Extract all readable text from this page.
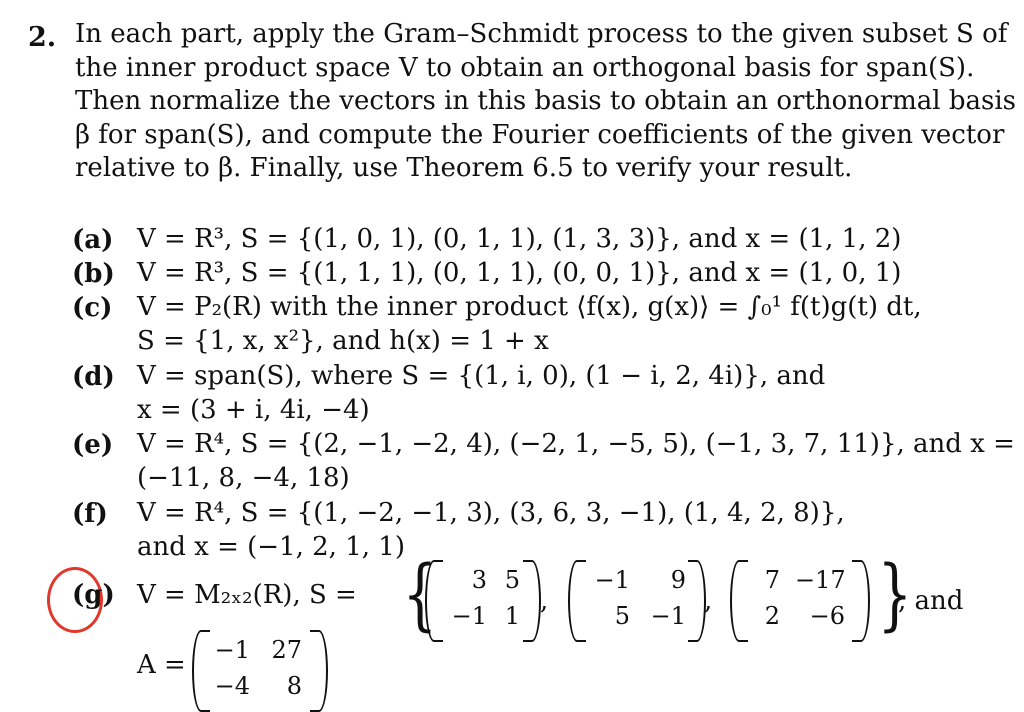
2. In each part, apply the Gram–Schmidt process to the given subset S of
the inner product space V to obtain an orthogonal basis for span(S).
Then normalize the vectors in this basis to obtain an orthonormal basis
β for span(S), and compute the Fourier coefficients of the given vector
relative to β. Finally, use Theorem 6.5 to verify your result.
(a) V = R³, S = {(1, 0, 1), (0, 1, 1), (1, 3, 3)}, and x = (1, 1, 2)
(b) V = R³, S = {(1, 1, 1), (0, 1, 1), (0, 0, 1)}, and x = (1, 0, 1)
(c) V = P₂(R) with the inner product ⟨f(x), g(x)⟩ = ∫₀¹ f(t)g(t) dt,
S = {1, x, x²}, and h(x) = 1 + x
(d) V = span(S), where S = {(1, i, 0), (1 − i, 2, 4i)}, and
x = (3 + i, 4i, −4)
(e) V = R⁴, S = {(2, −1, −2, 4), (−2, 1, −5, 5), (−1, 3, 7, 11)}, and x =
(−11, 8, −4, 18)
(f) V = R⁴, S = {(1, −2, −1, 3), (3, 6, 3, −1), (1, 4, 2, 8)},
and x = (−1, 2, 1, 1)
(g) V = M₂ₓ₂(R), S = {	3 5
−1 1 ,
−1	9
5 −1 ,
7 −17
2	−6 }
, and
A =	−1 27
−4	8
